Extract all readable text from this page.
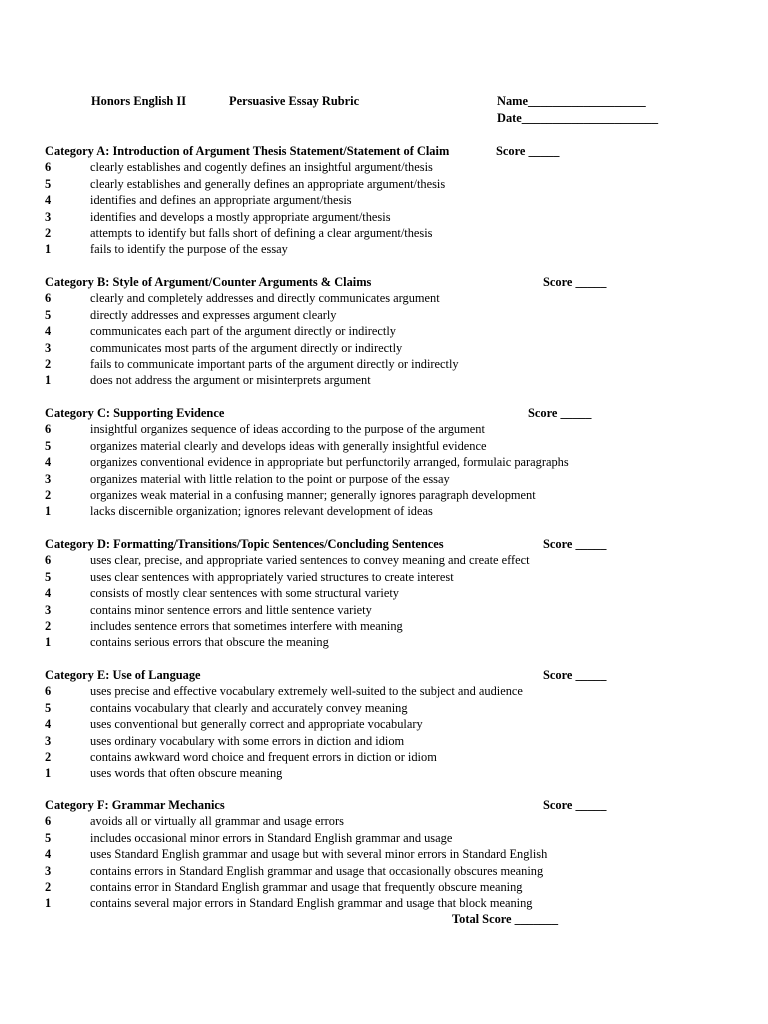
Honors English II	Persuasive Essay Rubric	Name___________________
Date______________________
Category A: Introduction of Argument Thesis Statement/Statement of Claim	Score _____
6	clearly establishes and cogently defines an insightful argument/thesis
5	clearly establishes and generally defines an appropriate argument/thesis
4	identifies and defines an appropriate argument/thesis
3	identifies and develops a mostly appropriate argument/thesis
2	attempts to identify but falls short of defining a clear argument/thesis
1	fails to identify the purpose of the essay
Category B: Style of Argument/Counter Arguments & Claims	Score _____
6	clearly and completely addresses and directly communicates argument
5	directly addresses and expresses argument clearly
4	communicates each part of the argument directly or indirectly
3	communicates most parts of the argument directly or indirectly
2	fails to communicate important parts of the argument directly or indirectly
1	does not address the argument or misinterprets argument
Category C: Supporting Evidence	Score _____
6	insightful organizes sequence of ideas according to the purpose of the argument
5	organizes material clearly and develops ideas with generally insightful evidence
4	organizes conventional evidence in appropriate but perfunctorily arranged, formulaic paragraphs
3	organizes material with little relation to the point or purpose of the essay
2	organizes weak material in a confusing manner; generally ignores paragraph development
1	lacks discernible organization; ignores relevant development of ideas
Category D: Formatting/Transitions/Topic Sentences/Concluding Sentences	Score _____
6	uses clear, precise, and appropriate varied sentences to convey meaning and create effect
5	uses clear sentences with appropriately varied structures to create interest
4	consists of mostly clear sentences with some structural variety
3	contains minor sentence errors and little sentence variety
2	includes sentence errors that sometimes interfere with meaning
1	contains serious errors that obscure the meaning
Category E: Use of Language	Score _____
6	uses precise and effective vocabulary extremely well-suited to the subject and audience
5	contains vocabulary that clearly and accurately convey meaning
4	uses conventional but generally correct and appropriate vocabulary
3	uses ordinary vocabulary with some errors in diction and idiom
2	contains awkward word choice and frequent errors in diction or idiom
1	uses words that often obscure meaning
Category F: Grammar Mechanics	Score _____
6	avoids all or virtually all grammar and usage errors
5	includes occasional minor errors in Standard English grammar and usage
4	uses Standard English grammar and usage but with several minor errors in Standard English
3	contains errors in Standard English grammar and usage that occasionally obscures meaning
2	contains error in Standard English grammar and usage that frequently obscure meaning
1	contains several major errors in Standard English grammar and usage that block meaning
Total Score _______
